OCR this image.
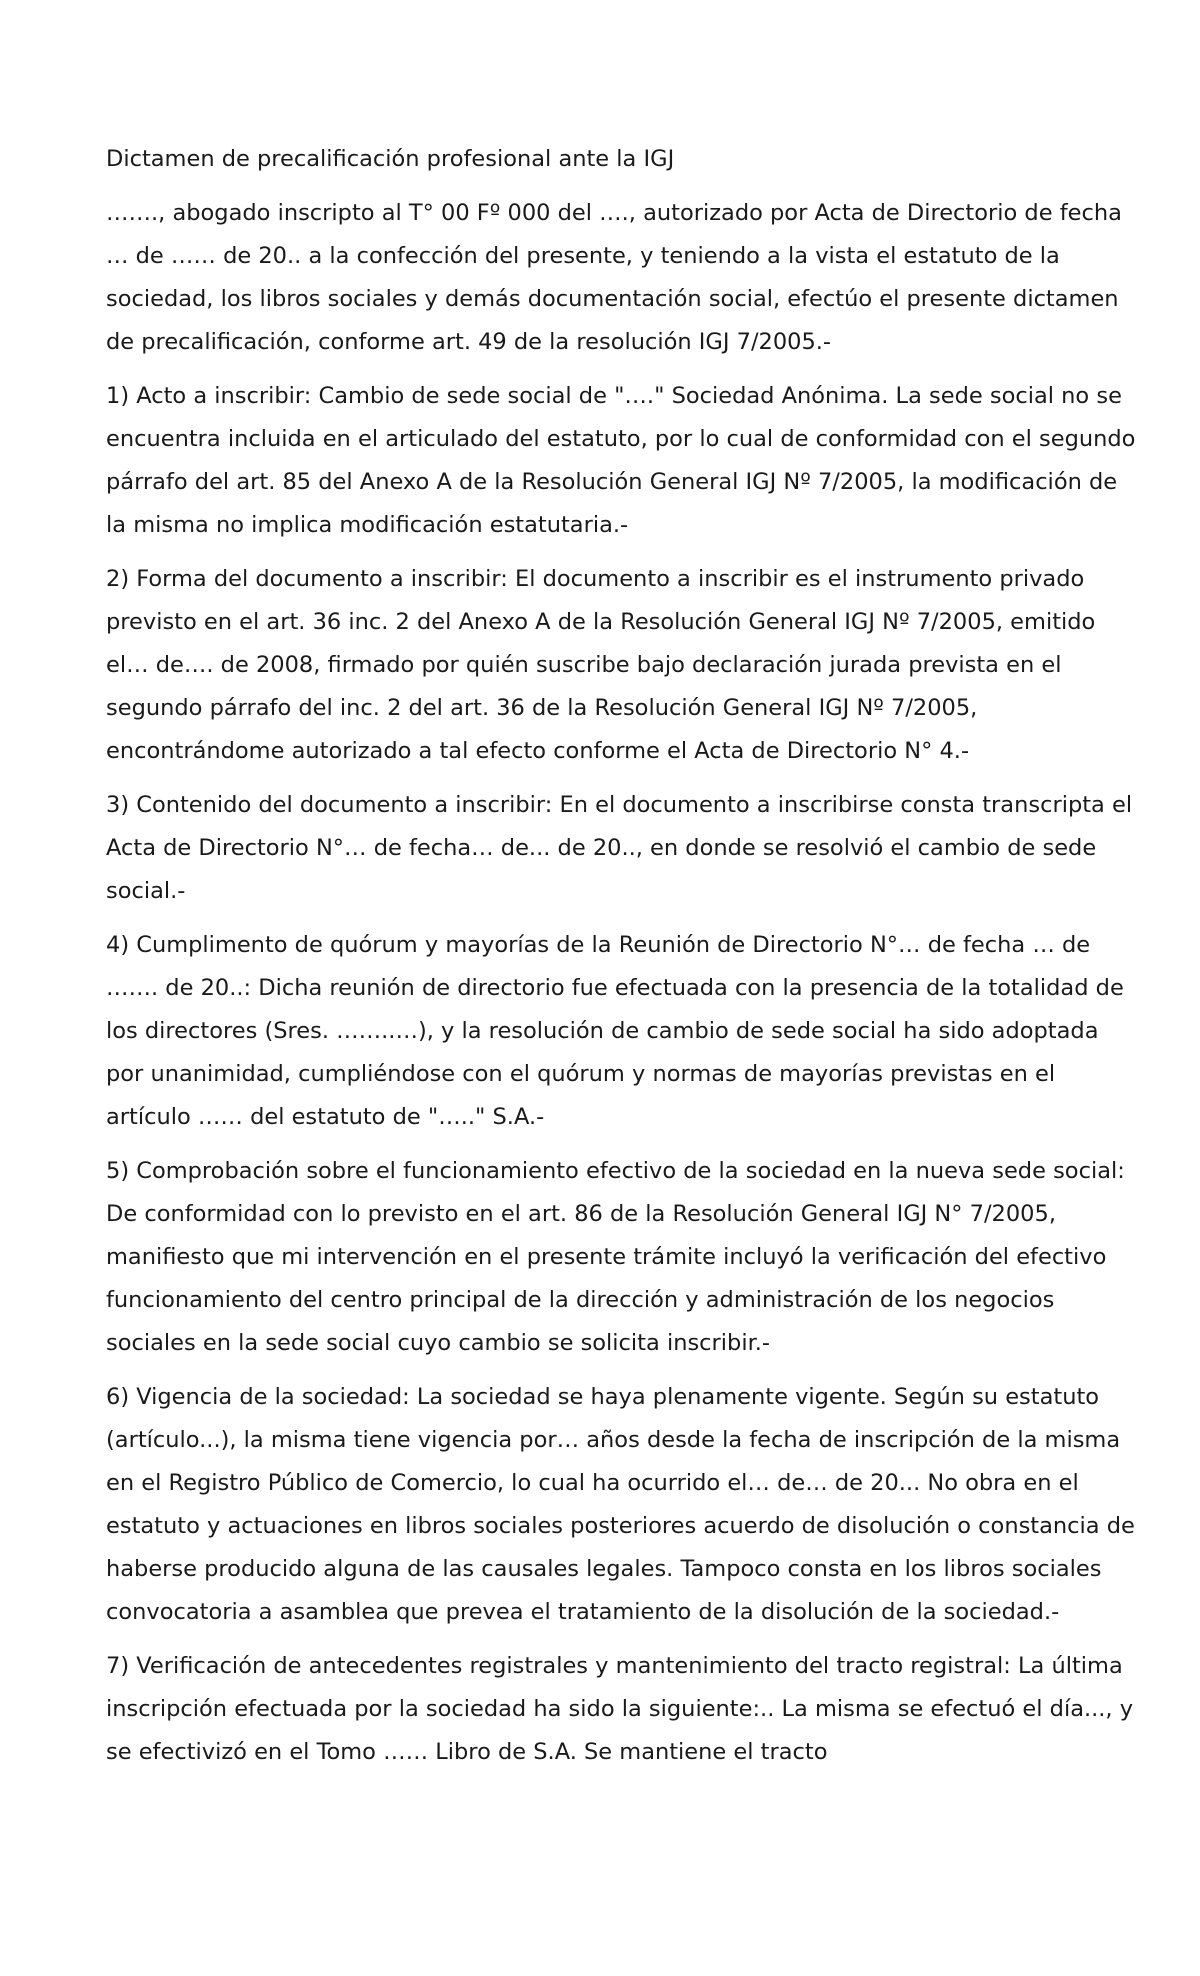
Dictamen de precalificación profesional ante la IGJ

……., abogado inscripto al T° 00 Fº 000 del …., autorizado por Acta de Directorio de fecha … de …… de 20.. a la confección del presente, y teniendo a la vista el estatuto de la sociedad, los libros sociales y demás documentación social, efectúo el presente dictamen de precalificación, conforme art. 49 de la resolución IGJ 7/2005.-

1) Acto a inscribir: Cambio de sede social de "…." Sociedad Anónima. La sede social no se encuentra incluida en el articulado del estatuto, por lo cual de conformidad con el segundo párrafo del art. 85 del Anexo A de la Resolución General IGJ Nº 7/2005, la modificación de la misma no implica modificación estatutaria.-

2) Forma del documento a inscribir: El documento a inscribir es el instrumento privado previsto en el art. 36 inc. 2 del Anexo A de la Resolución General IGJ Nº 7/2005, emitido el… de…. de 2008, firmado por quién suscribe bajo declaración jurada prevista en el segundo párrafo del inc. 2 del art. 36 de la Resolución General IGJ Nº 7/2005, encontrándome autorizado a tal efecto conforme el Acta de Directorio N° 4.-

3) Contenido del documento a inscribir: En el documento a inscribirse consta transcripta el Acta de Directorio N°… de fecha… de... de 20.., en donde se resolvió el cambio de sede social.-

4) Cumplimento de quórum y mayorías de la Reunión de Directorio N°… de fecha … de ……. de 20..: Dicha reunión de directorio fue efectuada con la presencia de la totalidad de los directores (Sres. ……..…), y la resolución de cambio de sede social ha sido adoptada por unanimidad, cumpliéndose con el quórum y normas de mayorías previstas en el artículo …… del estatuto de "….." S.A.-

5) Comprobación sobre el funcionamiento efectivo de la sociedad en la nueva sede social: De conformidad con lo previsto en el art. 86 de la Resolución General IGJ N° 7/2005, manifiesto que mi intervención en el presente trámite incluyó la verificación del efectivo funcionamiento del centro principal de la dirección y administración de los negocios sociales en la sede social cuyo cambio se solicita inscribir.-

6) Vigencia de la sociedad: La sociedad se haya plenamente vigente. Según su estatuto (artículo...), la misma tiene vigencia por… años desde la fecha de inscripción de la misma en el Registro Público de Comercio, lo cual ha ocurrido el… de… de 20... No obra en el estatuto y actuaciones en libros sociales posteriores acuerdo de disolución o constancia de haberse producido alguna de las causales legales. Tampoco consta en los libros sociales convocatoria a asamblea que prevea el tratamiento de la disolución de la sociedad.-

7) Verificación de antecedentes registrales y mantenimiento del tracto registral: La última inscripción efectuada por la sociedad ha sido la siguiente:.. La misma se efectuó el día..., y se efectivizó en el Tomo …… Libro de S.A. Se mantiene el tracto
